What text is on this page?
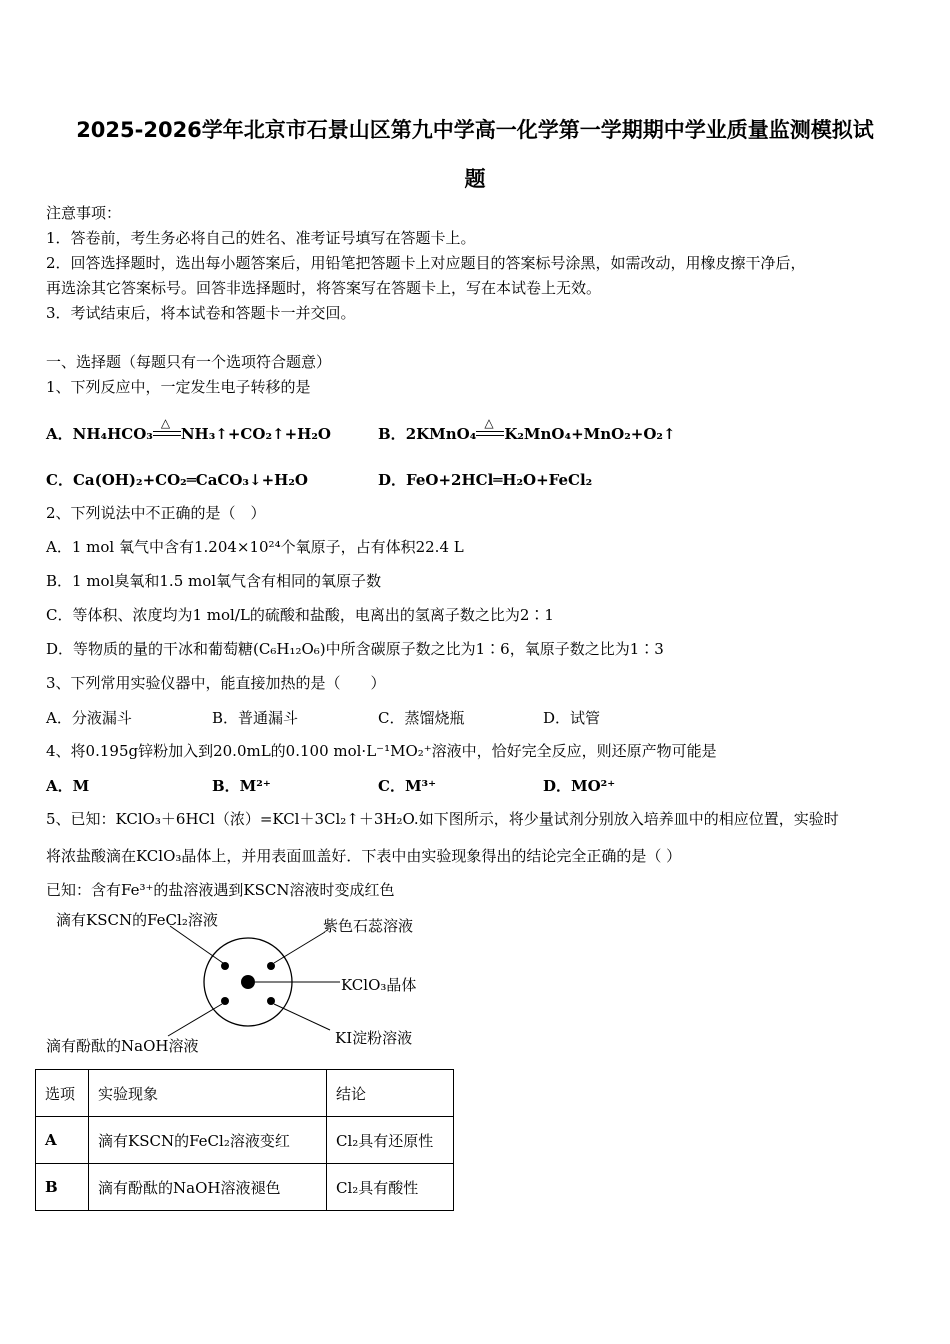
2025-2026学年北京市石景山区第九中学高一化学第一学期期中学业质量监测模拟试
题
注意事项：
1．答卷前，考生务必将自己的姓名、准考证号填写在答题卡上。
2．回答选择题时，选出每小题答案后，用铅笔把答题卡上对应题目的答案标号涂黑，如需改动，用橡皮擦干净后，
再选涂其它答案标号。回答非选择题时，将答案写在答题卡上，写在本试卷上无效。
3．考试结束后，将本试卷和答题卡一并交回。
一、选择题（每题只有一个选项符合题意）
1、下列反应中，一定发生电子转移的是
A．NH₄HCO₃
△
NH₃↑+CO₂↑+H₂O	B．2KMnO₄
△
K₂MnO₄+MnO₂+O₂↑
C．Ca(OH)₂+CO₂═CaCO₃↓+H₂O	D．FeO+2HCl═H₂O+FeCl₂
2、下列说法中不正确的是（　）
A．1 mol 氧气中含有1.204×10²⁴个氧原子，占有体积22.4 L
B．1 mol臭氧和1.5 mol氧气含有相同的氧原子数
C．等体积、浓度均为1 mol/L的硫酸和盐酸，电离出的氢离子数之比为2∶1
D．等物质的量的干冰和葡萄糖(C₆H₁₂O₆)中所含碳原子数之比为1∶6，氧原子数之比为1∶3
3、下列常用实验仪器中，能直接加热的是（　　）
A．分液漏斗	B．普通漏斗	C．蒸馏烧瓶	D．试管
4、将0.195g锌粉加入到20.0mL的0.100 mol·L⁻¹MO₂⁺溶液中，恰好完全反应，则还原产物可能是
A．M	B．M²⁺	C．M³⁺	D．MO²⁺
5、已知：KClO₃＋6HCl（浓）=KCl＋3Cl₂↑＋3H₂O.如下图所示，将少量试剂分别放入培养皿中的相应位置，实验时
将浓盐酸滴在KClO₃晶体上，并用表面皿盖好．下表中由实验现象得出的结论完全正确的是（ ）
已知：含有Fe³⁺的盐溶液遇到KSCN溶液时变成红色
滴有KSCN的FeCl₂溶液	紫色石蕊溶液
KClO₃晶体
KI淀粉溶液
滴有酚酞的NaOH溶液
选项	实验现象	结论
A	滴有KSCN的FeCl₂溶液变红	Cl₂具有还原性
B	滴有酚酞的NaOH溶液褪色	Cl₂具有酸性
